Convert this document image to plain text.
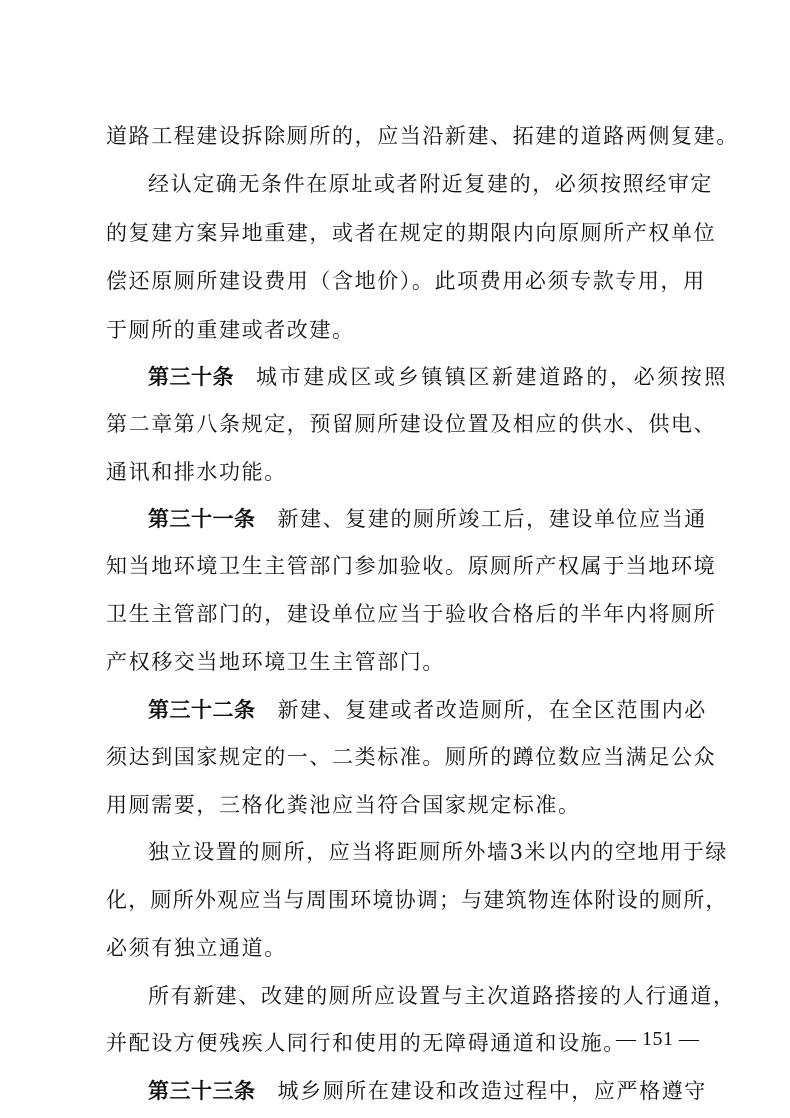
道路工程建设拆除厕所的，应当沿新建、拓建的道路两侧复建。
经认定确无条件在原址或者附近复建的，必须按照经审定
的复建方案异地重建，或者在规定的期限内向原厕所产权单位
偿还原厕所建设费用（含地价）。此项费用必须专款专用，用
于厕所的重建或者改建。
第三十条 城市建成区或乡镇镇区新建道路的，必须按照
第二章第八条规定，预留厕所建设位置及相应的供水、供电、
通讯和排水功能。
第三十一条 新建、复建的厕所竣工后，建设单位应当通
知当地环境卫生主管部门参加验收。原厕所产权属于当地环境
卫生主管部门的，建设单位应当于验收合格后的半年内将厕所
产权移交当地环境卫生主管部门。
第三十二条 新建、复建或者改造厕所，在全区范围内必
须达到国家规定的一、二类标准。厕所的蹲位数应当满足公众
用厕需要，三格化粪池应当符合国家规定标准。
独立设置的厕所，应当将距厕所外墙3米以内的空地用于绿
化，厕所外观应当与周围环境协调；与建筑物连体附设的厕所，
必须有独立通道。
所有新建、改建的厕所应设置与主次道路搭接的人行通道，
并配设方便残疾人同行和使用的无障碍通道和设施。
第三十三条 城乡厕所在建设和改造过程中，应严格遵守
— 151 —
